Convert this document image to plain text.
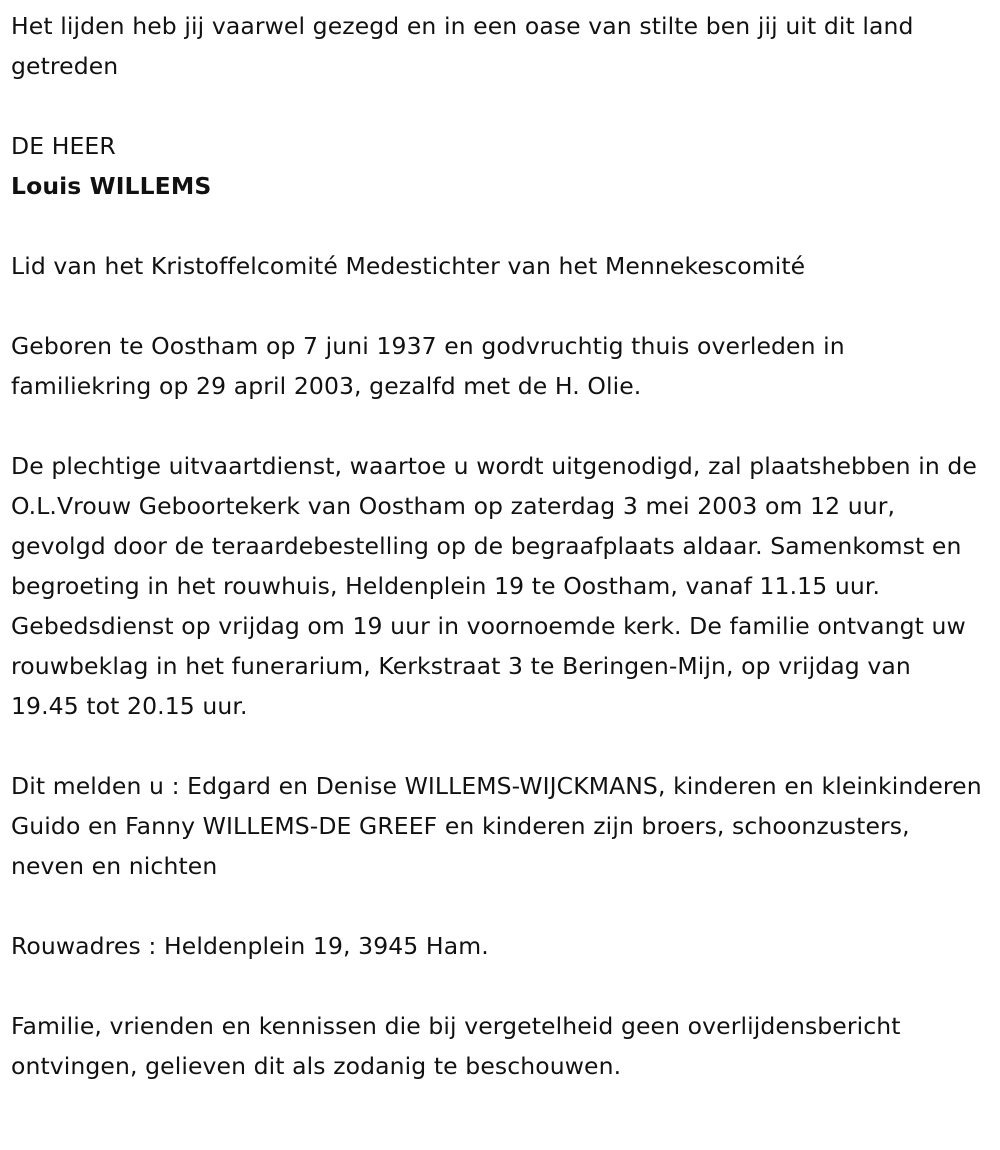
Het lijden heb jij vaarwel gezegd en in een oase van stilte ben jij uit dit land getreden

DE HEER

Louis WILLEMS

Lid van het Kristoffelcomité Medestichter van het Mennekescomité

Geboren te Oostham op 7 juni 1937 en godvruchtig thuis overleden in familiekring op 29 april 2003, gezalfd met de H. Olie.

De plechtige uitvaartdienst, waartoe u wordt uitgenodigd, zal plaatshebben in de O.L.Vrouw Geboortekerk van Oostham op zaterdag 3 mei 2003 om 12 uur, gevolgd door de teraardebestelling op de begraafplaats aldaar. Samenkomst en begroeting in het rouwhuis, Heldenplein 19 te Oostham, vanaf 11.15 uur. Gebedsdienst op vrijdag om 19 uur in voornoemde kerk. De familie ontvangt uw rouwbeklag in het funerarium, Kerkstraat 3 te Beringen-Mijn, op vrijdag van 19.45 tot 20.15 uur.

Dit melden u : Edgard en Denise WILLEMS-WIJCKMANS, kinderen en kleinkinderen Guido en Fanny WILLEMS-DE GREEF en kinderen zijn broers, schoonzusters, neven en nichten

Rouwadres : Heldenplein 19, 3945 Ham.

Familie, vrienden en kennissen die bij vergetelheid geen overlijdensbericht ontvingen, gelieven dit als zodanig te beschouwen.
